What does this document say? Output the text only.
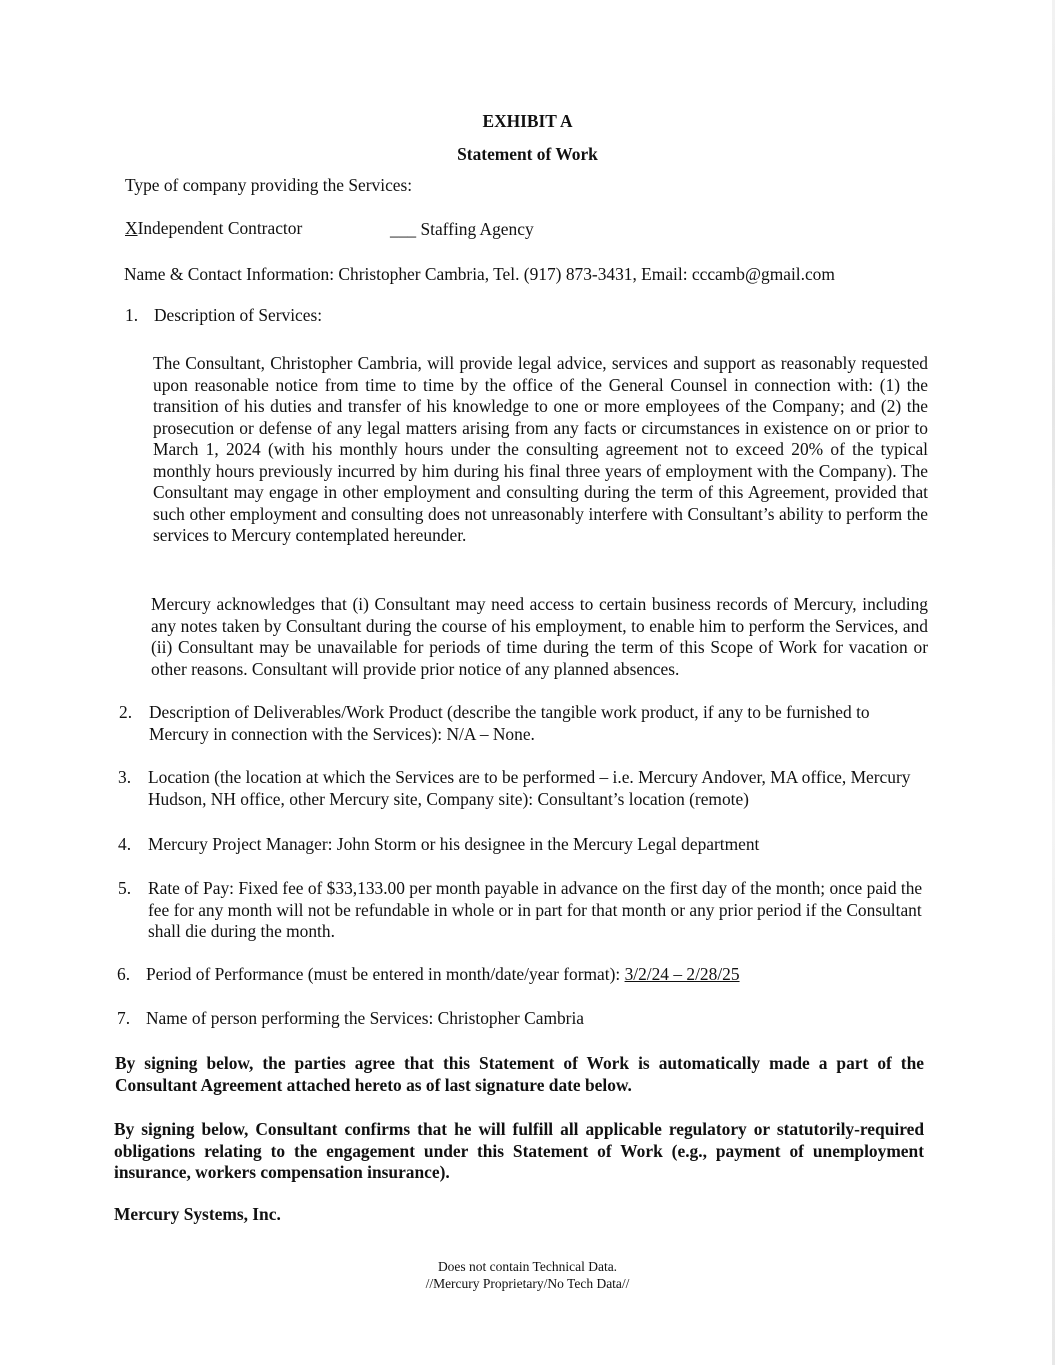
EXHIBIT A
Statement of Work
Type of company providing the Services:
XIndependent Contractor	___ Staffing Agency
Name & Contact Information: Christopher Cambria, Tel. (917) 873-3431, Email: cccamb@gmail.com
1. Description of Services:

The Consultant, Christopher Cambria, will provide legal advice, services and support as reasonably requested upon reasonable notice from time to time by the office of the General Counsel in connection with: (1) the transition of his duties and transfer of his knowledge to one or more employees of the Company; and (2) the prosecution or defense of any legal matters arising from any facts or circumstances in existence on or prior to March 1, 2024 (with his monthly hours under the consulting agreement not to exceed 20% of the typical monthly hours previously incurred by him during his final three years of employment with the Company). The Consultant may engage in other employment and consulting during the term of this Agreement, provided that such other employment and consulting does not unreasonably interfere with Consultant’s ability to perform the services to Mercury contemplated hereunder.

Mercury acknowledges that (i) Consultant may need access to certain business records of Mercury, including any notes taken by Consultant during the course of his employment, to enable him to perform the Services, and (ii) Consultant may be unavailable for periods of time during the term of this Scope of Work for vacation or other reasons. Consultant will provide prior notice of any planned absences.

2. Description of Deliverables/Work Product (describe the tangible work product, if any to be furnished to Mercury in connection with the Services): N/A – None.
3. Location (the location at which the Services are to be performed – i.e. Mercury Andover, MA office, Mercury Hudson, NH office, other Mercury site, Company site): Consultant’s location (remote)
4. Mercury Project Manager: John Storm or his designee in the Mercury Legal department
5. Rate of Pay: Fixed fee of $33,133.00 per month payable in advance on the first day of the month; once paid the fee for any month will not be refundable in whole or in part for that month or any prior period if the Consultant shall die during the month.
6. Period of Performance (must be entered in month/date/year format): 3/2/24 – 2/28/25
7. Name of person performing the Services: Christopher Cambria

By signing below, the parties agree that this Statement of Work is automatically made a part of the Consultant Agreement attached hereto as of last signature date below.

By signing below, Consultant confirms that he will fulfill all applicable regulatory or statutorily-required obligations relating to the engagement under this Statement of Work (e.g., payment of unemployment insurance, workers compensation insurance).

Mercury Systems, Inc.
Does not contain Technical Data.
//Mercury Proprietary/No Tech Data//
